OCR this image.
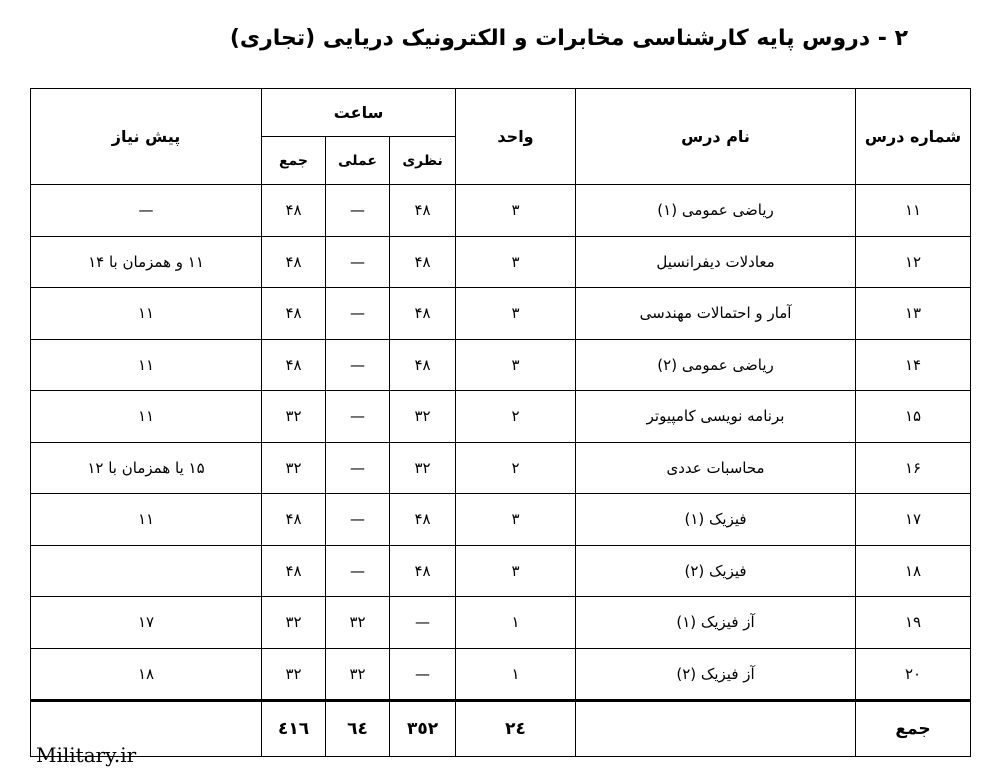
۲ - دروس پایه کارشناسی مخابرات و الکترونیک دریایی (تجاری)
شماره درس	نام درس	واحد	ساعت			پیش نیاز
			نظری	عملی	جمع	
۱۱	ریاضی عمومی (۱)	۳	۴۸	—	۴۸	—
۱۲	معادلات دیفرانسیل	۳	۴۸	—	۴۸	۱۱ و همزمان با ۱۴
۱۳	آمار و احتمالات مهندسی	۳	۴۸	—	۴۸	۱۱
۱۴	ریاضی عمومی (۲)	۳	۴۸	—	۴۸	۱۱
۱۵	برنامه نویسی کامپیوتر	۲	۳۲	—	۳۲	۱۱
۱۶	محاسبات عددی	۲	۳۲	—	۳۲	۱۵ یا همزمان با ۱۲
۱۷	فیزیک (۱)	۳	۴۸	—	۴۸	۱۱
۱۸	فیزیک (۲)	۳	۴۸	—	۴۸	
۱۹	آز فیزیک (۱)	۱	—	۳۲	۳۲	۱۷
۲۰	آز فیزیک (۲)	۱	—	۳۲	۳۲	۱۸
جمع		٢٤	٣٥٢	٦٤	٤١٦	
Military.ir
